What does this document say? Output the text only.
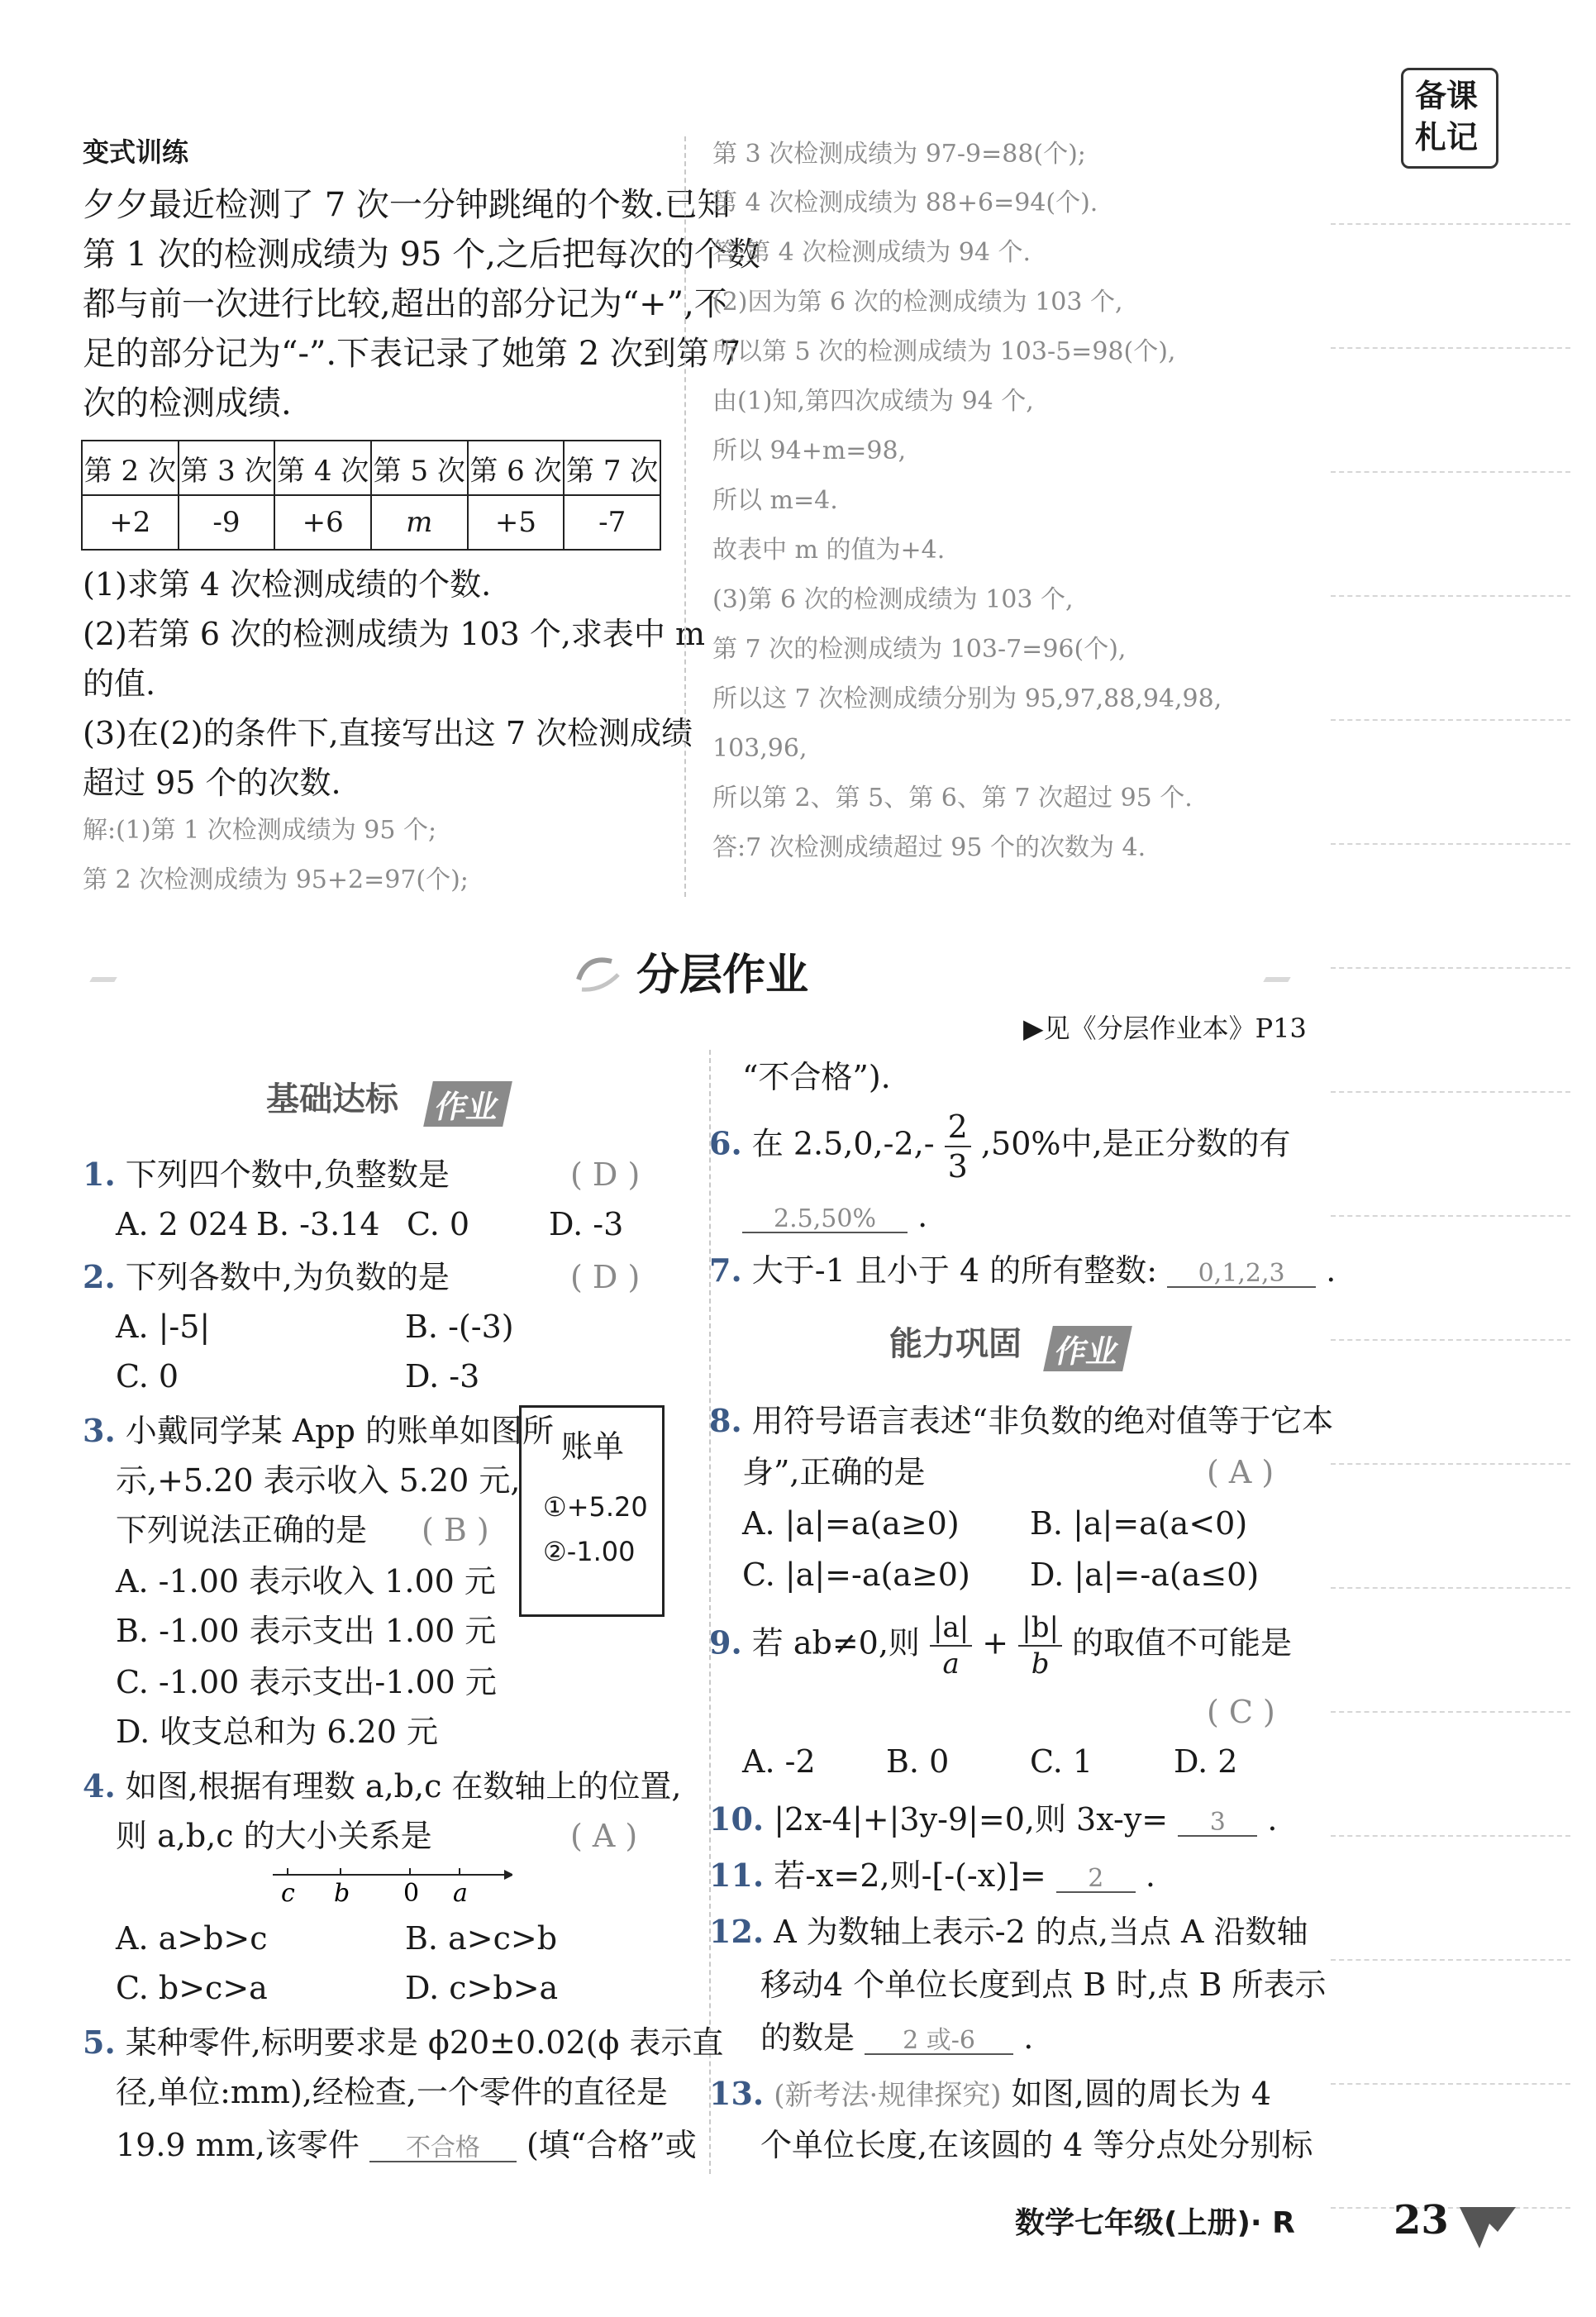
备课
札记
变式训练
夕夕最近检测了 7 次一分钟跳绳的个数.已知
第 1 次的检测成绩为 95 个,之后把每次的个数
都与前一次进行比较,超出的部分记为“+”,不
足的部分记为“-”.下表记录了她第 2 次到第 7
次的检测成绩.
第 2 次	第 3 次	第 4 次	第 5 次	第 6 次	第 7 次
+2	-9	+6	m	+5	-7
(1)求第 4 次检测成绩的个数.
(2)若第 6 次的检测成绩为 103 个,求表中 m
的值.
(3)在(2)的条件下,直接写出这 7 次检测成绩
超过 95 个的次数.
解:(1)第 1 次检测成绩为 95 个;
第 2 次检测成绩为 95+2=97(个);
第 3 次检测成绩为 97-9=88(个);
第 4 次检测成绩为 88+6=94(个).
答:第 4 次检测成绩为 94 个.
(2)因为第 6 次的检测成绩为 103 个,
所以第 5 次的检测成绩为 103-5=98(个),
由(1)知,第四次成绩为 94 个,
所以 94+m=98,
所以 m=4.
故表中 m 的值为+4.
(3)第 6 次的检测成绩为 103 个,
第 7 次的检测成绩为 103-7=96(个),
所以这 7 次检测成绩分别为 95,97,88,94,98,
103,96,
所以第 2、第 5、第 6、第 7 次超过 95 个.
答:7 次检测成绩超过 95 个的次数为 4.
分层作业
▶见《分层作业本》P13
基础达标 作业
1. 下列四个数中,负整数是	( D )
A. 2 024 B. -3.14 C. 0	D. -3
2. 下列各数中,为负数的是	( D )
A. |-5|	B. -(-3)
C. 0	D. -3
3. 小戴同学某 App 的账单如图所
示,+5.20 表示收入 5.20 元,
下列说法正确的是 ( B )
账单
①+5.20
②-1.00
A. -1.00 表示收入 1.00 元
B. -1.00 表示支出 1.00 元
C. -1.00 表示支出-1.00 元
D. 收支总和为 6.20 元
4. 如图,根据有理数 a,b,c 在数轴上的位置,
则 a,b,c 的大小关系是	( A )
c b 0 a
A. a>b>c	B. a>c>b
C. b>c>a	D. c>b>a
5. 某种零件,标明要求是 ϕ20±0.02(ϕ 表示直
径,单位:mm),经检查,一个零件的直径是
19.9 mm,该零件 不合格 (填“合格”或
“不合格”).
6. 在 $2.5,0,-2,- \frac{2}{3} ,50\%$中,是正分数的有
2.5,50% .
7. 大于-1 且小于 4 的所有整数: 0,1,2,3 .
能力巩固 作业
8. 用符号语言表述“非负数的绝对值等于它本
身”,正确的是	( A )
A. |a|=a(a≥0) B. |a|=a(a<0)
C. |a|=-a(a≥0) D. |a|=-a(a≤0)
9. 若 ab≠0,则 $\frac{|a|}{a} + \frac{|b|}{b}$ 的取值不可能是
( C )
A. -2 B. 0	C. 1	D. 2
10. |2x-4|+|3y-9|=0,则 3x-y= 3 .
11. 若-x=2,则-[-(-x)]= 2 .
12. A 为数轴上表示-2 的点,当点 A 沿数轴
移动4 个单位长度到点 B 时,点 B 所表示
的数是 2 或-6 .
13. (新考法·规律探究) 如图,圆的周长为 4
个单位长度,在该圆的 4 等分点处分别标
数学七年级(上册)· R 23
